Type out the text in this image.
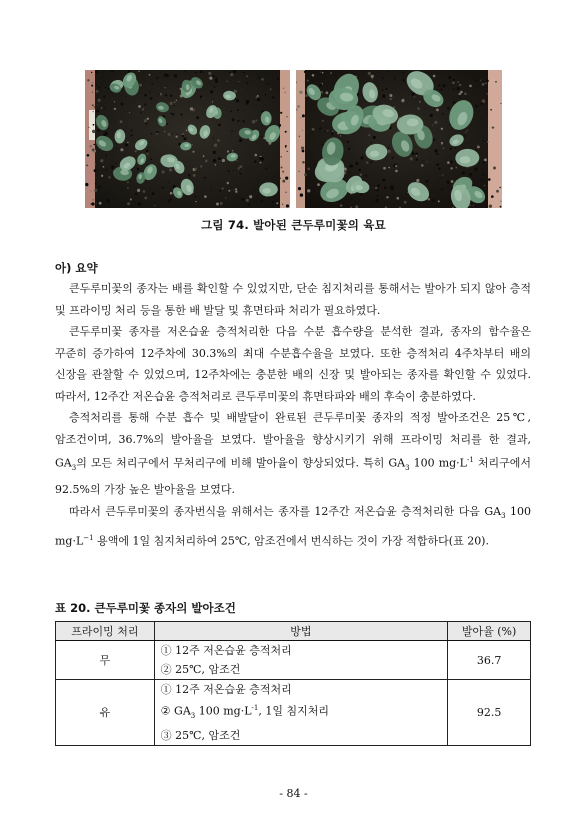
그림 74. 발아된 큰두루미꽃의 육묘
아) 요약

큰두루미꽃의 종자는 배를 확인할 수 있었지만, 단순 침지처리를 통해서는 발아가 되지 않아 층적 및 프라이밍 처리 등을 통한 배 발달 및 휴면타파 처리가 필요하였다.

큰두루미꽃 종자를 저온습윤 층적처리한 다음 수분 흡수량을 분석한 결과, 종자의 함수율은 꾸준히 증가하여 12주차에 30.3%의 최대 수분흡수율을 보였다. 또한 층적처리 4주차부터 배의 신장을 관찰할 수 있었으며, 12주차에는 충분한 배의 신장 및 발아되는 종자를 확인할 수 있었다. 따라서, 12주간 저온습윤 층적처리로 큰두루미꽃의 휴면타파와 배의 후숙이 충분하였다.

층적처리를 통해 수분 흡수 및 배발달이 완료된 큰두루미꽃 종자의 적정 발아조건은 25℃, 암조건이며, 36.7%의 발아율을 보였다. 발아율을 향상시키기 위해 프라이밍 처리를 한 결과, $GA_3$의 모든 처리구에서 무처리구에 비해 발아율이 향상되었다. 특히 $GA_3$ 100 $mg\cdot L^{-1}$ 처리구에서 92.5%의 가장 높은 발아율을 보였다.

따라서 큰두루미꽃의 종자번식을 위해서는 종자를 12주간 저온습윤 층적처리한 다음 $GA_3$ 100 $mg\cdot L^{-1}$ 용액에 1일 침지처리하여 25℃, 암조건에서 번식하는 것이 가장 적합하다(표 20).

표 20. 큰두루미꽃 종자의 발아조건
프라이밍 처리	방법	발아율 (%)
무	① 12주 저온습윤 층적처리
② 25℃, 암조건	36.7
유	① 12주 저온습윤 층적처리
② $GA_3$ 100 $mg\cdot L^{-1}$, 1일 침지처리
③ 25℃, 암조건	92.5
- 84 -
